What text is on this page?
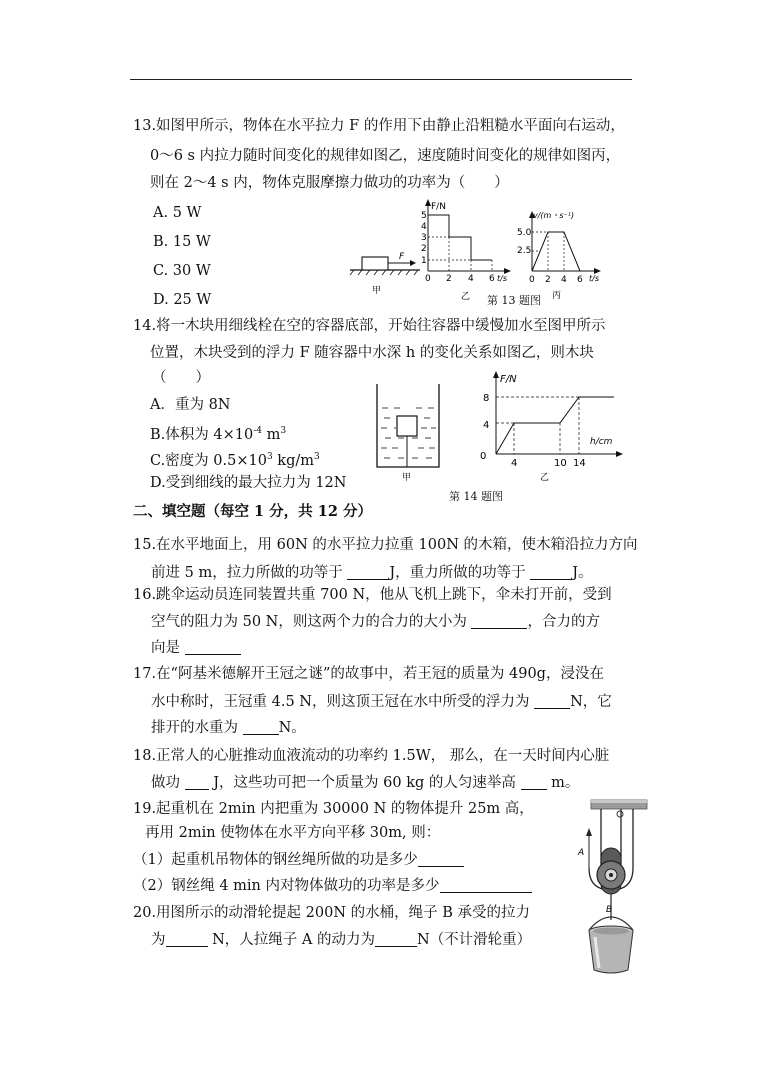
13.如图甲所示，物体在水平拉力 F 的作用下由静止沿粗糙水平面向右运动，
0～6 s 内拉力随时间变化的规律如图乙，速度随时间变化的规律如图丙，
则在 2～4 s 内，物体克服摩擦力做功的功率为（　　）
A. 5 W
B. 15 W
C. 30 W
D. 25 W
F
甲
F/N
t/s
1
2
3
4
5
0 2 4 6
乙
v/(m・s⁻¹)
t/s
2.5
5.0
0 2 4 6
丙
第 13 题图
14.将一木块用细线栓在空的容器底部，开始往容器中缓慢加水至图甲所示
位置，木块受到的浮力 F 随容器中水深 h 的变化关系如图乙，则木块
（　　）
A．重为 8N
B.体积为 $4\times 10^{-4}$ $m^3$
C.密度为 $0.5\times 10^3$ $kg/m^3$
D.受到细线的最大拉力为 12N	甲
F/N
h/cm
4
8
0
4	10 14
乙
第 14 题图
二、填空题（每空 1 分，共 12 分）
15.在水平地面上，用 60N 的水平拉力拉重 100N 的木箱，使木箱沿拉力方向
前进 5 m，拉力所做的功等于	J，重力所做的功等于	J。
16.跳伞运动员连同装置共重 700 N，他从飞机上跳下，伞未打开前，受到
空气的阻力为 50 N，则这两个力的合力的大小为	，合力的方
向是
17.在“阿基米德解开王冠之谜”的故事中，若王冠的质量为 490g，浸没在
水中称时，王冠重 4.5 N，则这顶王冠在水中所受的浮力为 N，它
排开的水重为 N。
18.正常人的心脏推动血液流动的功率约 1.5W， 那么，在一天时间内心脏
做功  J，这些功可把一个质量为 60 kg 的人匀速举高  m。
19.起重机在 2min 内把重为 30000 N 的物体提升 25m 高，
再用 2min 使物体在水平方向平移 30m, 则：
（1）起重机吊物体的钢丝绳所做的功是多少
（2）钢丝绳 4 min 内对物体做功的功率是多少
20.用图所示的动滑轮提起 200N 的水桶，绳子 B 承受的拉力
为	N，人拉绳子 A 的动力为	N（不计滑轮重）
A
B
